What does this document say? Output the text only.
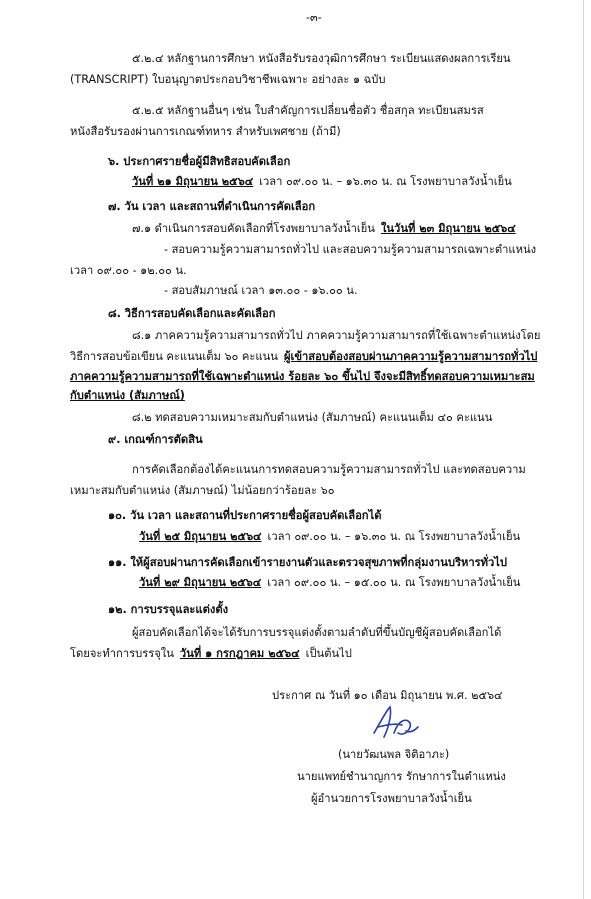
-๓-
๕.๒.๔ หลักฐานการศึกษา หนังสือรับรองวุฒิการศึกษา ระเบียนแสดงผลการเรียน
(TRANSCRIPT) ใบอนุญาตประกอบวิชาชีพเฉพาะ อย่างละ ๑ ฉบับ
๕.๒.๕ หลักฐานอื่นๆ เช่น ใบสำคัญการเปลี่ยนชื่อตัว ชื่อสกุล ทะเบียนสมรส
หนังสือรับรองผ่านการเกณฑ์ทหาร สำหรับเพศชาย (ถ้ามี)
๖. ประกาศรายชื่อผู้มีสิทธิสอบคัดเลือก
วันที่ ๒๑ มิถุนายน ๒๕๖๔ เวลา ๐๙.๐๐ น. – ๑๖.๓๐ น. ณ โรงพยาบาลวังน้ำเย็น
๗. วัน เวลา และสถานที่ดำเนินการคัดเลือก
๗.๑ ดำเนินการสอบคัดเลือกที่โรงพยาบาลวังน้ำเย็น ในวันที่ ๒๓ มิถุนายน ๒๕๖๔
- สอบความรู้ความสามารถทั่วไป และสอบความรู้ความสามารถเฉพาะตำแหน่ง
เวลา ๐๙.๐๐ - ๑๒.๐๐ น.
- สอบสัมภาษณ์ เวลา ๑๓.๐๐ - ๑๖.๐๐ น.
๘. วิธีการสอบคัดเลือกและคัดเลือก
๘.๑ ภาคความรู้ความสามารถทั่วไป ภาคความรู้ความสามารถที่ใช้เฉพาะตำแหน่งโดย
วิธีการสอบข้อเขียน คะแนนเต็ม ๖๐ คะแนน ผู้เข้าสอบต้องสอบผ่านภาคความรู้ความสามารถทั่วไป
ภาคความรู้ความสามารถที่ใช้เฉพาะตำแหน่ง ร้อยละ ๖๐ ขึ้นไป จึงจะมีสิทธิ์ทดสอบความเหมาะสม
กับตำแหน่ง (สัมภาษณ์)
๘.๒ ทดสอบความเหมาะสมกับตำแหน่ง (สัมภาษณ์) คะแนนเต็ม ๔๐ คะแนน
๙. เกณฑ์การตัดสิน
การคัดเลือกต้องได้คะแนนการทดสอบความรู้ความสามารถทั่วไป และทดสอบความ
เหมาะสมกับตำแหน่ง (สัมภาษณ์) ไม่น้อยกว่าร้อยละ ๖๐
๑๐. วัน เวลา และสถานที่ประกาศรายชื่อผู้สอบคัดเลือกได้
วันที่ ๒๕ มิถุนายน ๒๕๖๔ เวลา ๐๙.๐๐ น. – ๑๖.๓๐ น. ณ โรงพยาบาลวังน้ำเย็น
๑๑. ให้ผู้สอบผ่านการคัดเลือกเข้ารายงานตัวและตรวจสุขภาพที่กลุ่มงานบริหารทั่วไป
วันที่ ๒๙ มิถุนายน ๒๕๖๔ เวลา ๐๙.๐๐ น. – ๑๕.๐๐ น. ณ โรงพยาบาลวังน้ำเย็น
๑๒. การบรรจุและแต่งตั้ง
ผู้สอบคัดเลือกได้จะได้รับการบรรจุแต่งตั้งตามลำดับที่ขึ้นบัญชีผู้สอบคัดเลือกได้
โดยจะทำการบรรจุใน วันที่ ๑ กรกฎาคม ๒๕๖๔ เป็นต้นไป
ประกาศ ณ วันที่ ๑๐ เดือน มิถุนายน พ.ศ. ๒๕๖๔
(นายวัฒนพล จิติอาภะ)
นายแพทย์ชำนาญการ รักษาการในตำแหน่ง
ผู้อำนวยการโรงพยาบาลวังน้ำเย็น
